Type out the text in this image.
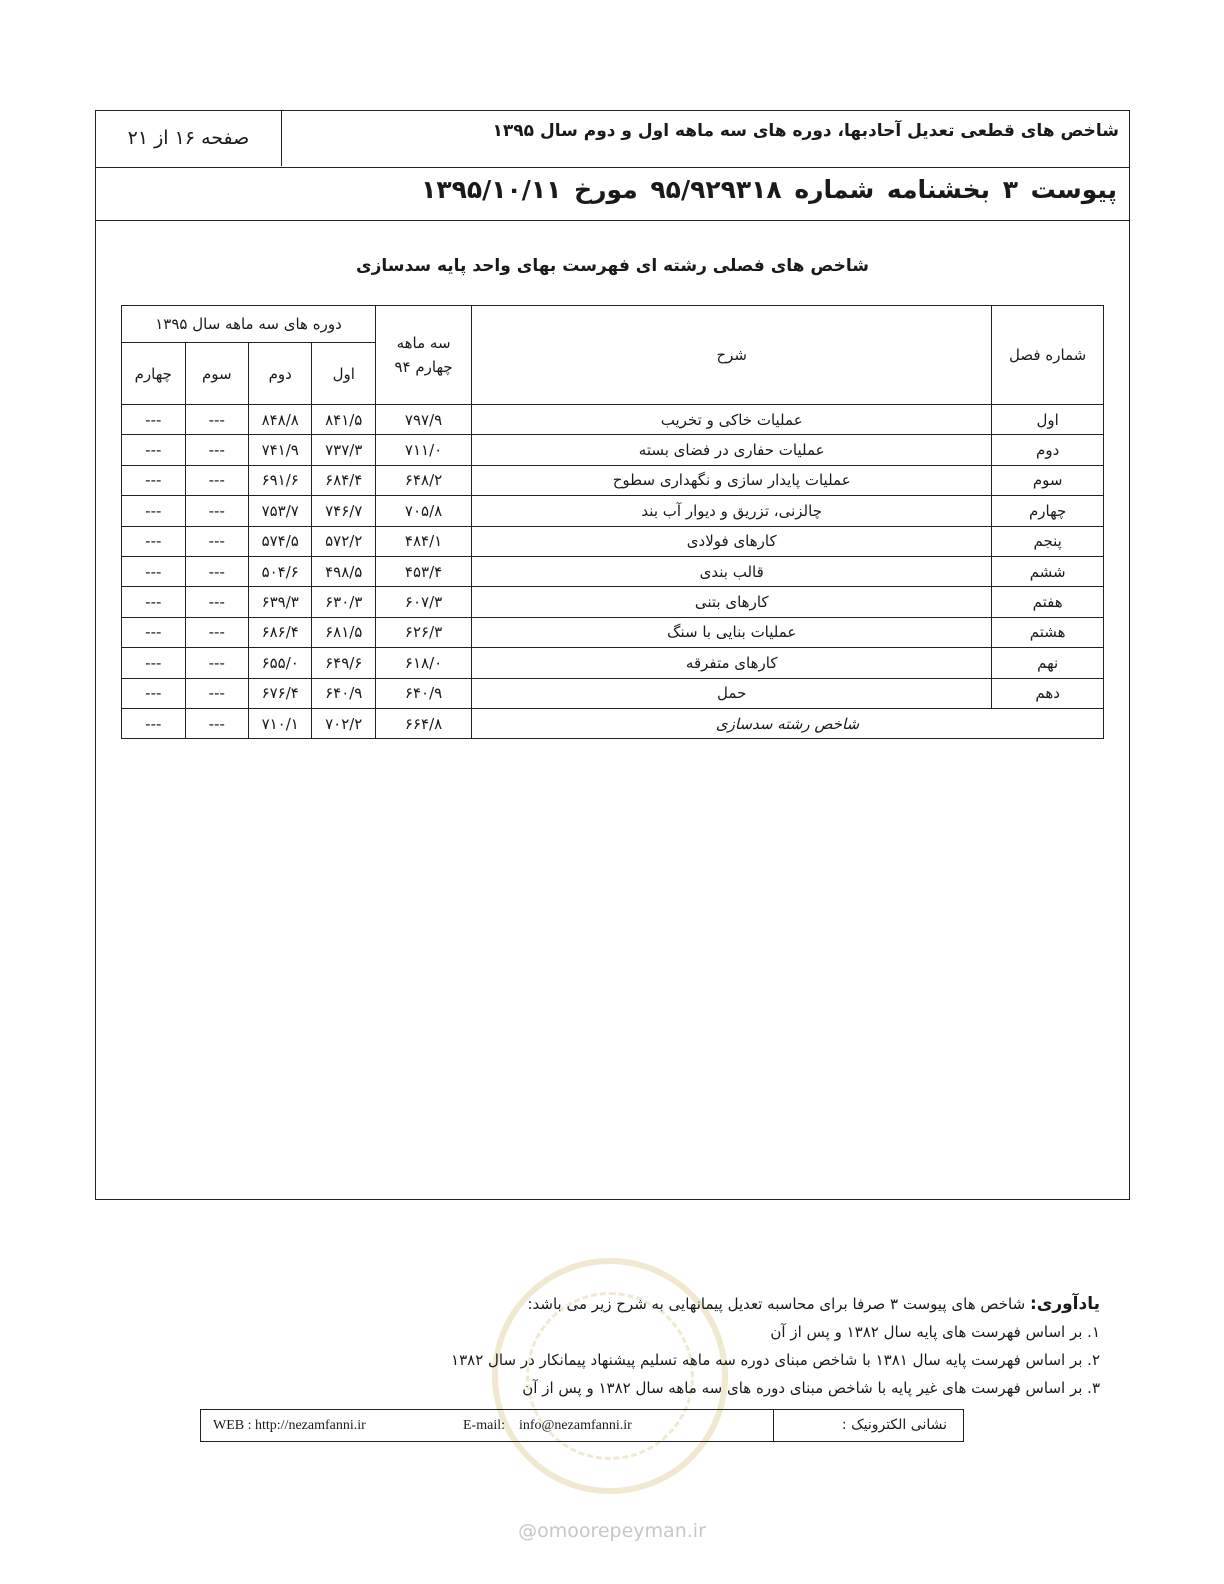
شاخص های قطعی تعدیل آحادبها، دوره های سه ماهه اول و دوم سال ۱۳۹۵
صفحه ۱۶ از ۲۱
پیوست ۳ بخشنامه شماره ۹۵/۹۲۹۳۱۸ مورخ ۱۳۹۵/۱۰/۱۱
شاخص های فصلی رشته ای فهرست بهای واحد پایه سدسازی
شماره فصل	شرح	سه ماهه چهارم ۹۴	دوره های سه ماهه سال ۱۳۹۵			
			اول	دوم	سوم	چهارم
اول	عملیات خاکی و تخریب	۷۹۷/۹	۸۴۱/۵	۸۴۸/۸	---	---
دوم	عملیات حفاری در فضای بسته	۷۱۱/۰	۷۳۷/۳	۷۴۱/۹	---	---
سوم	عملیات پایدار سازی و نگهداری سطوح	۶۴۸/۲	۶۸۴/۴	۶۹۱/۶	---	---
چهارم	چالزنی، تزریق و دیوار آب بند	۷۰۵/۸	۷۴۶/۷	۷۵۳/۷	---	---
پنجم	کارهای فولادی	۴۸۴/۱	۵۷۲/۲	۵۷۴/۵	---	---
ششم	قالب بندی	۴۵۳/۴	۴۹۸/۵	۵۰۴/۶	---	---
هفتم	کارهای بتنی	۶۰۷/۳	۶۳۰/۳	۶۳۹/۳	---	---
هشتم	عملیات بنایی با سنگ	۶۲۶/۳	۶۸۱/۵	۶۸۶/۴	---	---
نهم	کارهای متفرقه	۶۱۸/۰	۶۴۹/۶	۶۵۵/۰	---	---
دهم	حمل	۶۴۰/۹	۶۴۰/۹	۶۷۶/۴	---	---
شاخص رشته سدسازی		۶۶۴/۸	۷۰۲/۲	۷۱۰/۱	---	---
یادآوری: شاخص های پیوست ۳ صرفا برای محاسبه تعدیل پیمانهایی به شرح زیر می باشد:
۱. بر اساس فهرست های پایه سال ۱۳۸۲ و پس از آن
۲. بر اساس فهرست پایه سال ۱۳۸۱ با شاخص مبنای دوره سه ماهه تسلیم پیشنهاد پیمانکار در سال ۱۳۸۲
۳. بر اساس فهرست های غیر پایه با شاخص مبنای دوره های سه ماهه سال ۱۳۸۲ و پس از آن
نشانی الکترونیک :
E-mail:    info@nezamfanni.ir
WEB : http://nezamfanni.ir
@omoorepeyman.ir
